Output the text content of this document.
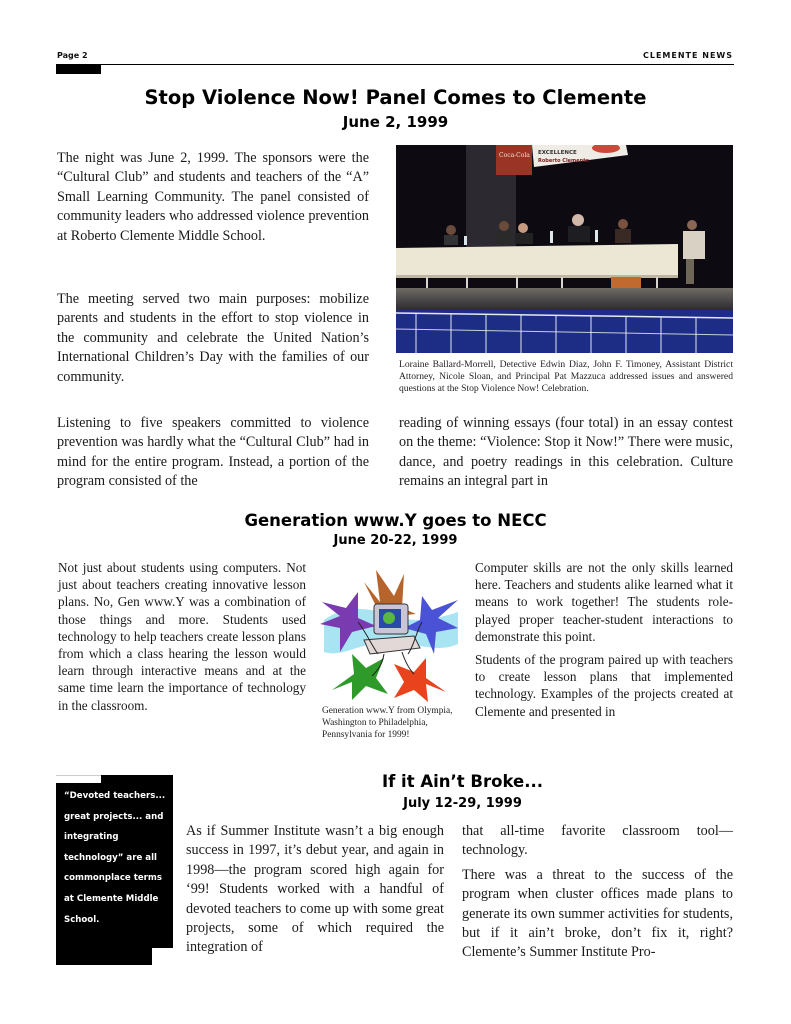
Page 2	CLEMENTE NEWS
Stop Violence Now! Panel Comes to Clemente
June 2, 1999

The night was June 2, 1999. The sponsors were the “Cultural Club” and students and teachers of the “A” Small Learning Community. The panel consisted of community leaders who addressed violence prevention at Roberto Clemente Middle School.

The meeting served two main purposes: mobilize parents and students in the effort to stop violence in the community and celebrate the United Nation’s International Children’s Day with the families of our community.

Listening to five speakers committed to violence prevention was hardly what the “Cultural Club” had in mind for the entire program. Instead, a portion of the program consisted of the

reading of winning essays (four total) in an essay contest on the theme: “Violence: Stop it Now!” There were music, dance, and poetry readings in this celebration. Culture remains an integral part in

Coca-Cola EXCELLENCE
Roberto Clemente
Loraine Ballard-Morrell, Detective Edwin Diaz, John F. Timoney, Assistant District Attorney, Nicole Sloan, and Principal Pat Mazzuca addressed issues and answered questions at the Stop Violence Now! Celebration.
Generation www.Y goes to NECC
June 20-22, 1999

Not just about students using computers. Not just about teachers creating innovative lesson plans. No, Gen www.Y was a combination of those things and more. Students used technology to help teachers create lesson plans from which a class hearing the lesson would learn through interactive means and at the same time learn the importance of technology in the classroom.	Generation www.Y from Olympia, Washington to Philadelphia, Pennsylvania for 1999!

Computer skills are not the only skills learned here. Teachers and students alike learned what it means to work together! The students role-played proper teacher-student interactions to demonstrate this point.

Students of the program paired up with teachers to create lesson plans that implemented technology. Examples of the projects created at Clemente and presented in

“Devoted teachers... great projects... and integrating technology” are all commonplace terms at Clemente Middle School.
If it Ain’t Broke...
July 12-29, 1999

As if Summer Institute wasn’t a big enough success in 1997, it’s debut year, and again in 1998—the program scored high again for ‘99! Students worked with a handful of devoted teachers to come up with some great projects, some of which required the integration of

that all-time favorite classroom tool—technology.

There was a threat to the success of the program when cluster offices made plans to generate its own summer activities for students, but if it ain’t broke, don’t fix it, right? Clemente’s Summer Institute Pro-
